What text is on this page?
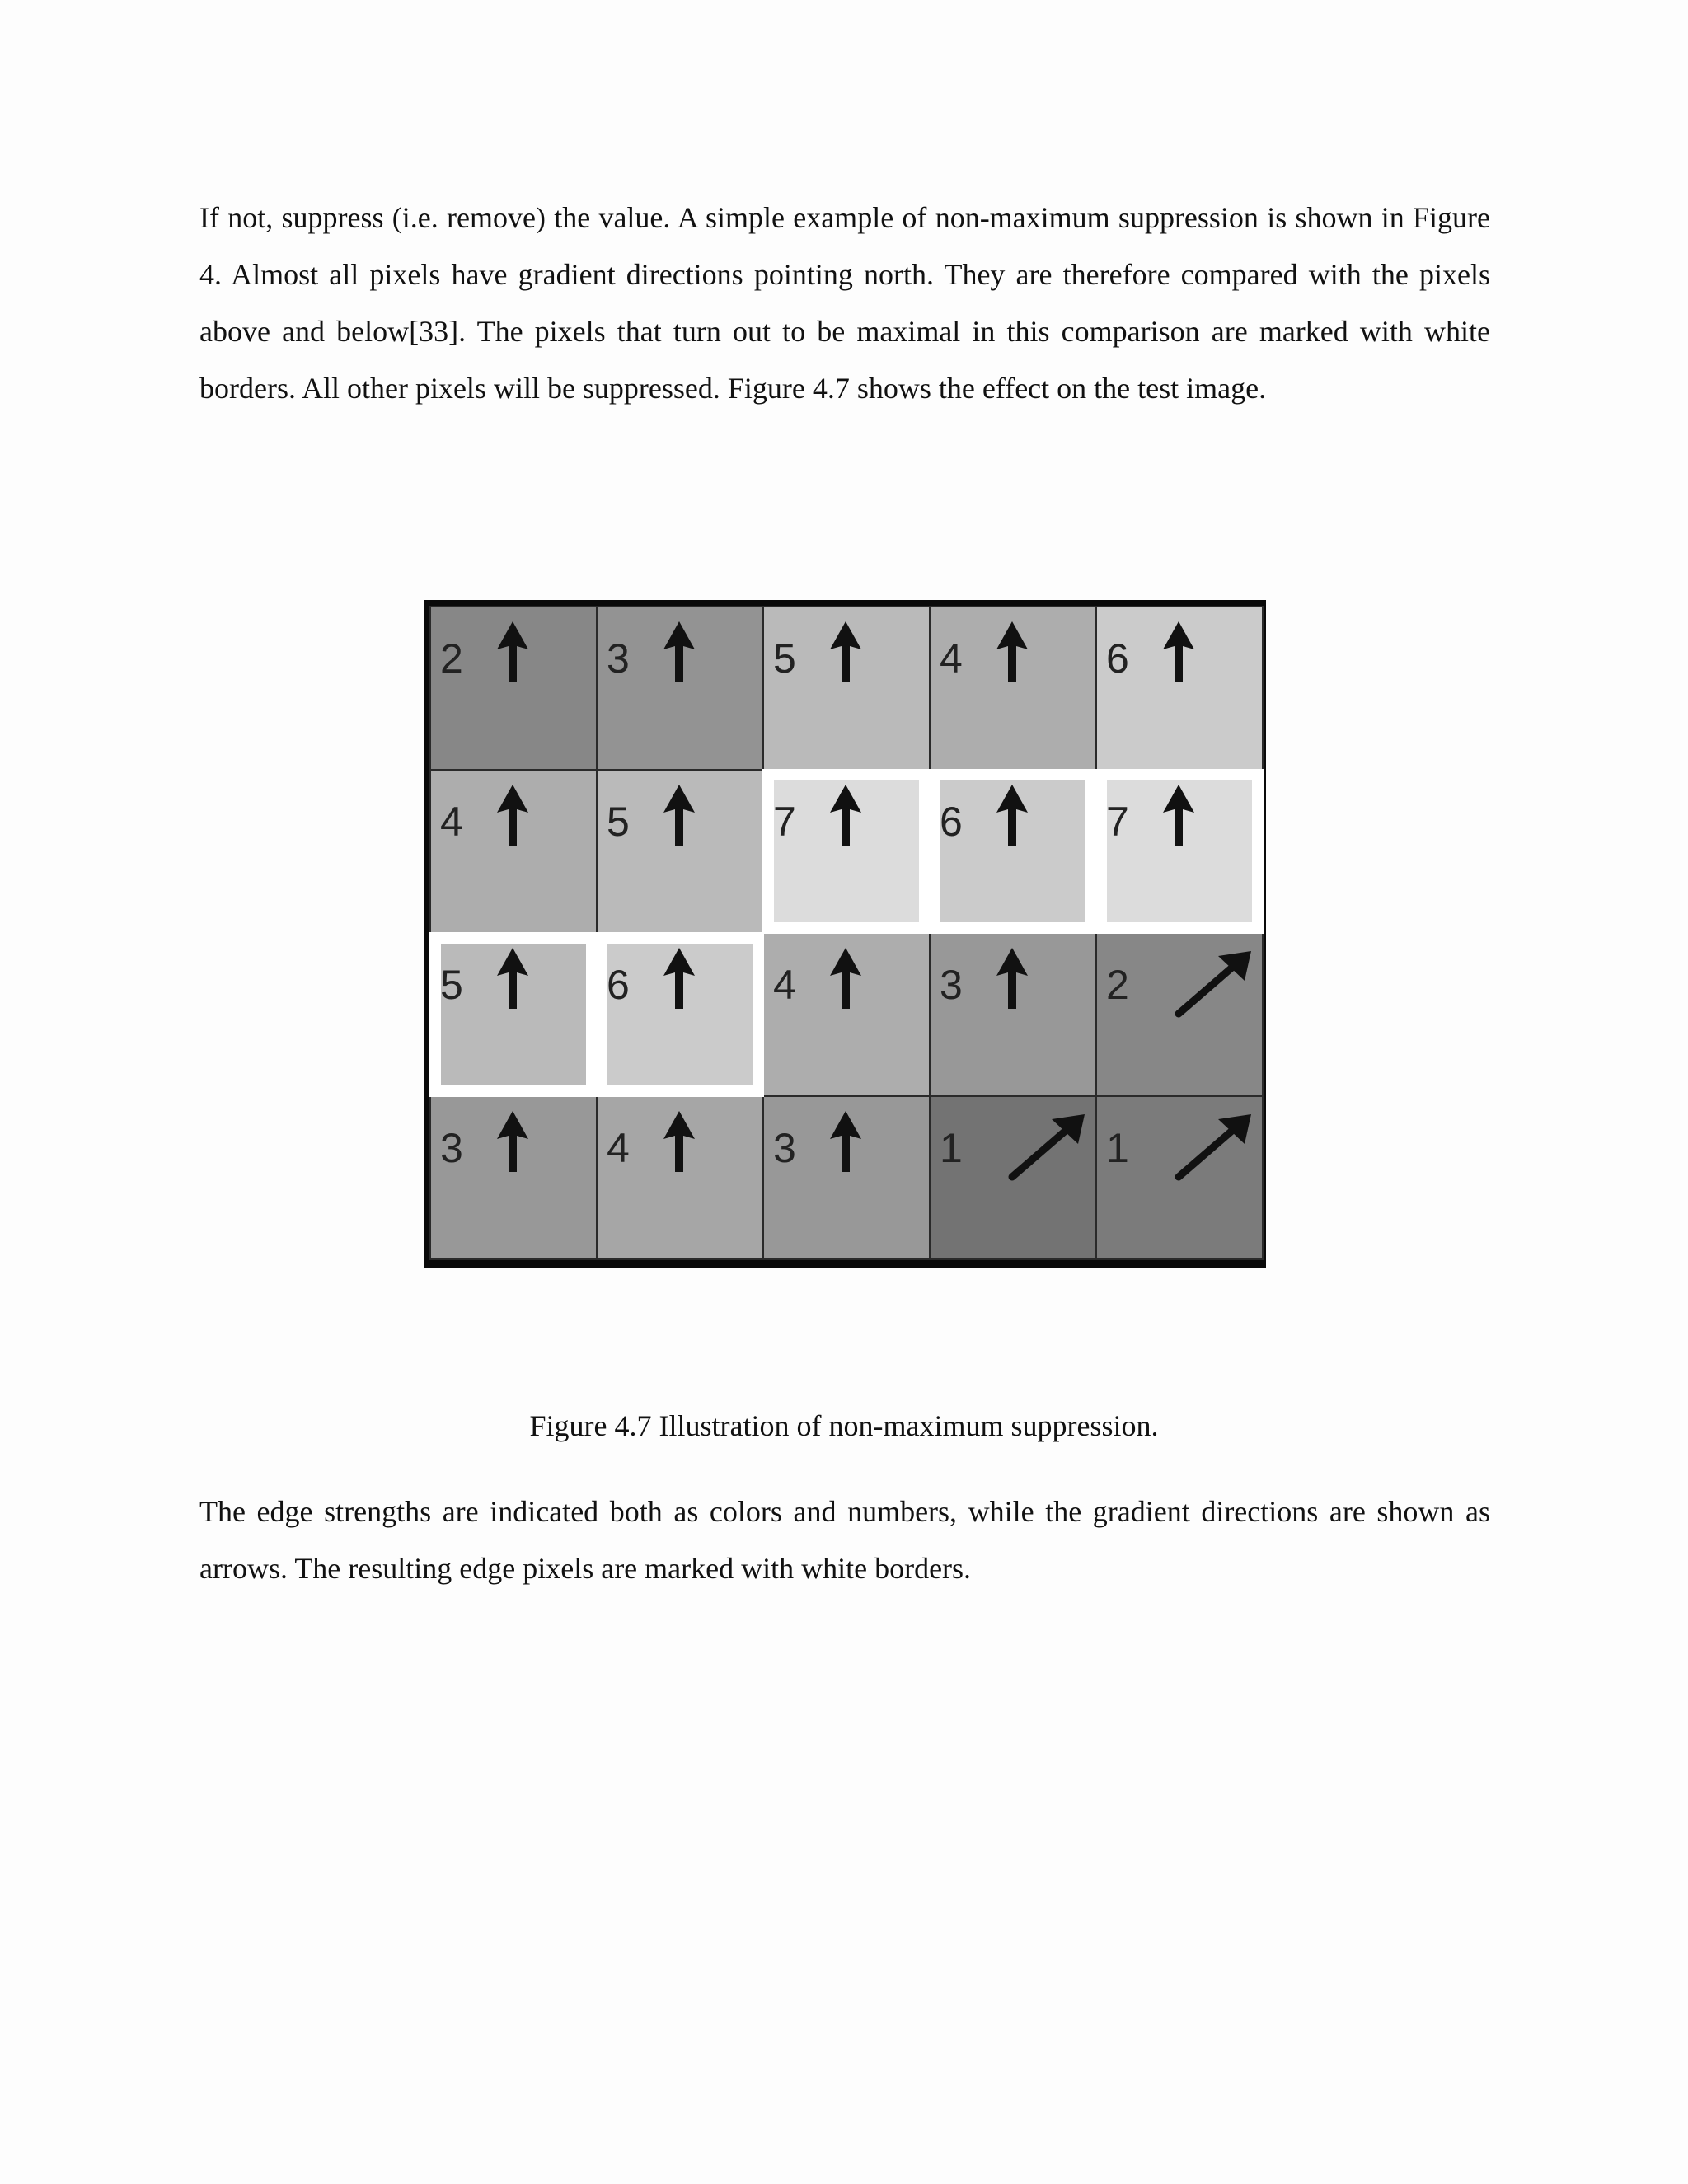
If not, suppress (i.e. remove) the value. A simple example of non-maximum suppression is shown in Figure 4. Almost all pixels have gradient directions pointing north. They are therefore compared with the pixels above and below[33]. The pixels that turn out to be maximal in this comparison are marked with white borders. All other pixels will be suppressed. Figure 4.7 shows the effect on the test image.

2	3	5	4	6
4	5	7	6	7
5	6	4	3	2
3	4	3	1	1

Figure 4.7 Illustration of non-maximum suppression.

The edge strengths are indicated both as colors and numbers, while the gradient directions are shown as arrows. The resulting edge pixels are marked with white borders.
